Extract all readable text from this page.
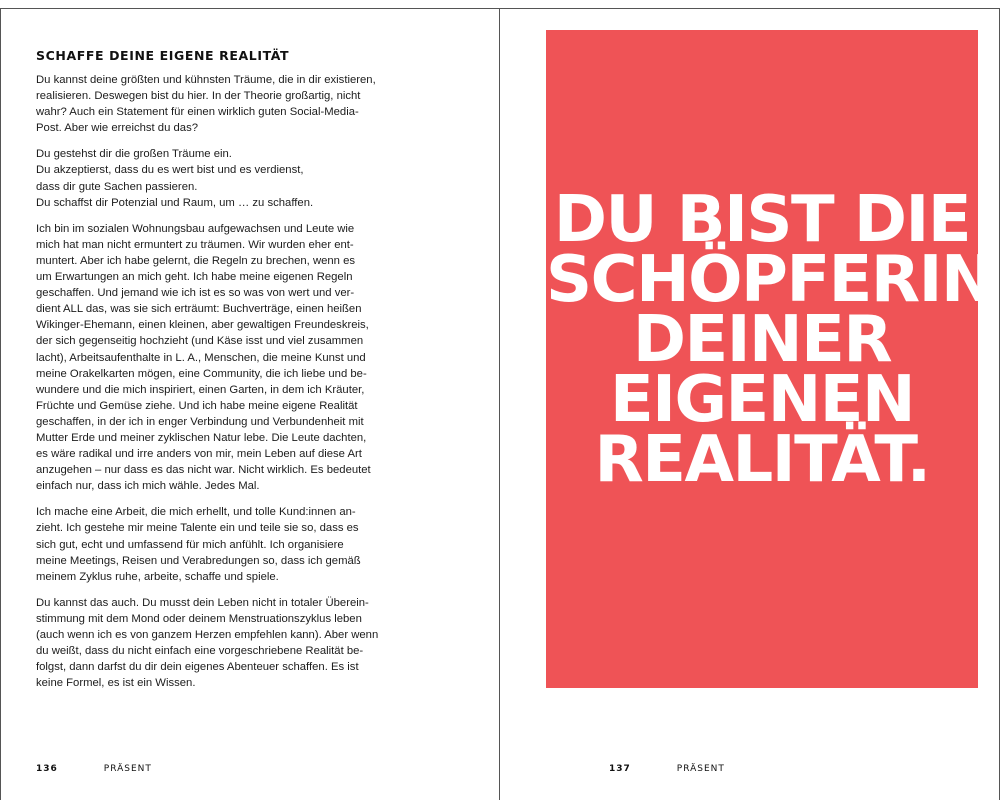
SCHAFFE DEINE EIGENE REALITÄT

Du kannst deine größten und kühnsten Träume, die in dir existieren,
realisieren. Deswegen bist du hier. In der Theorie großartig, nicht
wahr? Auch ein Statement für einen wirklich guten Social-Media-
Post. Aber wie erreichst du das?

Du gestehst dir die großen Träume ein.
Du akzeptierst, dass du es wert bist und es verdienst,
dass dir gute Sachen passieren.
Du schaffst dir Potenzial und Raum, um … zu schaffen.

Ich bin im sozialen Wohnungsbau aufgewachsen und Leute wie
mich hat man nicht ermuntert zu träumen. Wir wurden eher ent-
muntert. Aber ich habe gelernt, die Regeln zu brechen, wenn es
um Erwartungen an mich geht. Ich habe meine eigenen Regeln
geschaffen. Und jemand wie ich ist es so was von wert und ver-
dient ALL das, was sie sich erträumt: Buchverträge, einen heißen
Wikinger-Ehemann, einen kleinen, aber gewaltigen Freundeskreis,
der sich gegenseitig hochzieht (und Käse isst und viel zusammen
lacht), Arbeitsaufenthalte in L. A., Menschen, die meine Kunst und
meine Orakelkarten mögen, eine Community, die ich liebe und be-
wundere und die mich inspiriert, einen Garten, in dem ich Kräuter,
Früchte und Gemüse ziehe. Und ich habe meine eigene Realität
geschaffen, in der ich in enger Verbindung und Verbundenheit mit
Mutter Erde und meiner zyklischen Natur lebe. Die Leute dachten,
es wäre radikal und irre anders von mir, mein Leben auf diese Art
anzugehen – nur dass es das nicht war. Nicht wirklich. Es bedeutet
einfach nur, dass ich mich wähle. Jedes Mal.

Ich mache eine Arbeit, die mich erhellt, und tolle Kund:innen an-
zieht. Ich gestehe mir meine Talente ein und teile sie so, dass es
sich gut, echt und umfassend für mich anfühlt. Ich organisiere
meine Meetings, Reisen und Verabredungen so, dass ich gemäß
meinem Zyklus ruhe, arbeite, schaffe und spiele.

Du kannst das auch. Du musst dein Leben nicht in totaler Überein-
stimmung mit dem Mond oder deinem Menstruationszyklus leben
(auch wenn ich es von ganzem Herzen empfehlen kann). Aber wenn
du weißt, dass du nicht einfach eine vorgeschriebene Realität be-
folgst, dann darfst du dir dein eigenes Abenteuer schaffen. Es ist
keine Formel, es ist ein Wissen.

136	PRÄSENT
DU BIST DIE
SCHÖPFERIN
DEINER
EIGENEN
REALITÄT.
137	PRÄSENT
